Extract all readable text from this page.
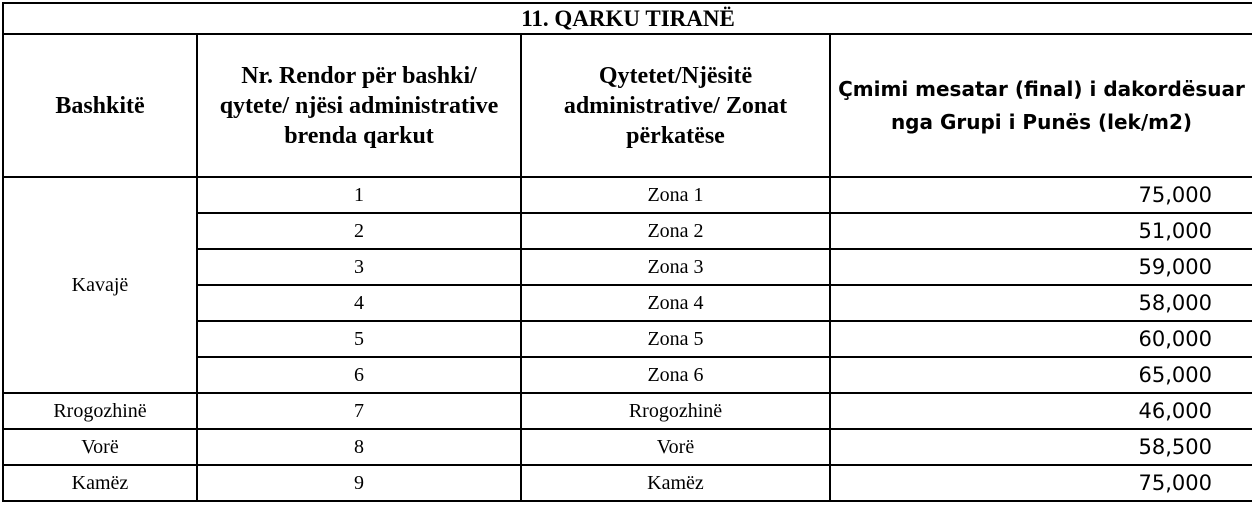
11. QARKU TIRANË			
Bashkitë	Nr. Rendor për bashki/ qytete/ njësi administrative brenda qarkut	Qytetet/Njësitë administrative/ Zonat përkatëse	Çmimi mesatar (final) i dakordësuar nga Grupi i Punës (lek/m2)
Kavajë	1	Zona 1	75,000
	2	Zona 2	51,000
	3	Zona 3	59,000
	4	Zona 4	58,000
	5	Zona 5	60,000
	6	Zona 6	65,000
Rrogozhinë	7	Rrogozhinë	46,000
Vorë	8	Vorë	58,500
Kamëz	9	Kamëz	75,000
